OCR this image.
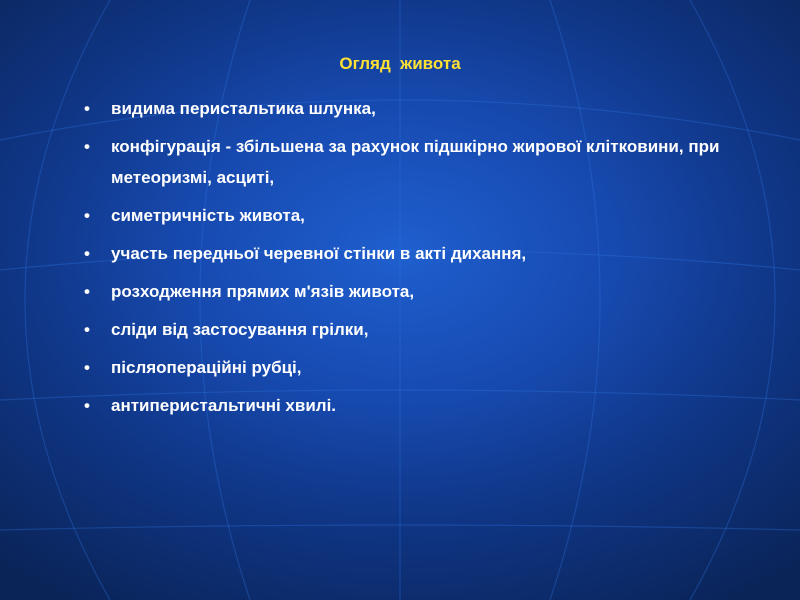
Огляд  живота
• видима перистальтика шлунка,
• конфігурація - збільшена за рахунок підшкірно жирової клітковини, при метеоризмі, асциті,
• симетричність живота,
• участь передньої черевної стінки в акті дихання,
• розходження прямих м'язів живота,
• сліди від застосування грілки,
• післяопераційні рубці,
• антиперистальтичні хвилі.
